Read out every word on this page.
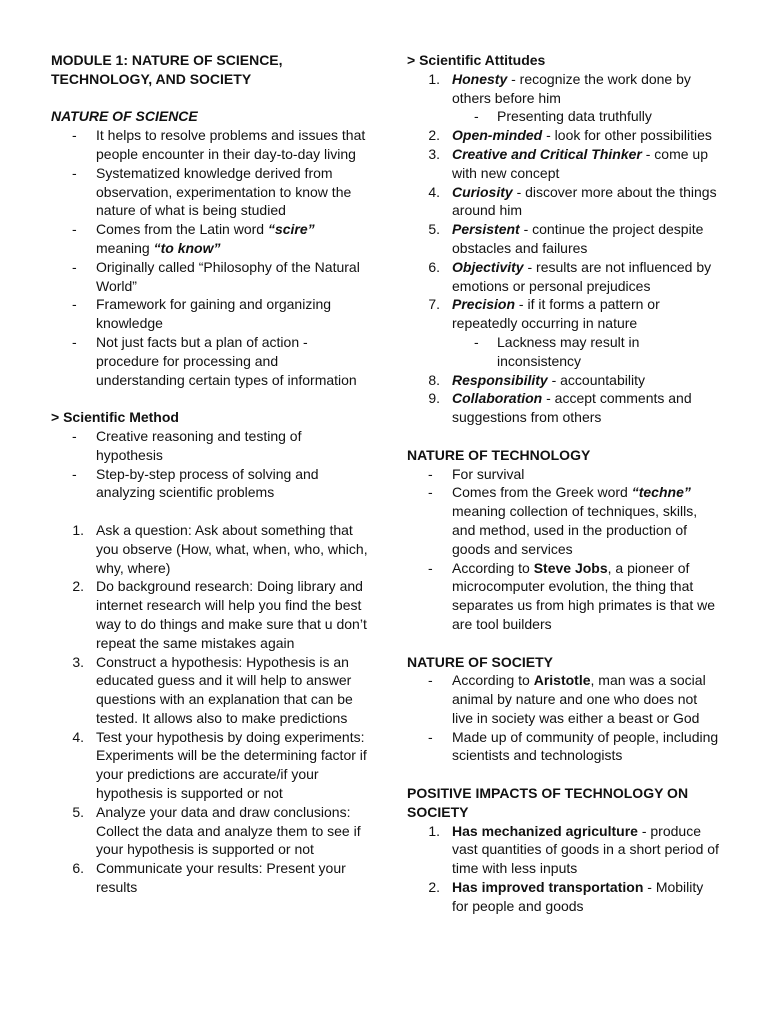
MODULE 1: NATURE OF SCIENCE,
TECHNOLOGY, AND SOCIETY

NATURE OF SCIENCE

- It helps to resolve problems and issues that people encounter in their day-to-day living

- Systematized knowledge derived from observation, experimentation to know the nature of what is being studied

- Comes from the Latin word “scire” meaning “to know”

- Originally called “Philosophy of the Natural World”

- Framework for gaining and organizing knowledge

- Not just facts but a plan of action - procedure for processing and understanding certain types of information

> Scientific Method

- Creative reasoning and testing of hypothesis

- Step-by-step process of solving and analyzing scientific problems

1. Ask a question: Ask about something that you observe (How, what, when, who, which, why, where)

2. Do background research: Doing library and internet research will help you find the best way to do things and make sure that u don’t repeat the same mistakes again

3. Construct a hypothesis: Hypothesis is an educated guess and it will help to answer questions with an explanation that can be tested. It allows also to make predictions

4. Test your hypothesis by doing experiments: Experiments will be the determining factor if your predictions are accurate/if your hypothesis is supported or not

5. Analyze your data and draw conclusions: Collect the data and analyze them to see if your hypothesis is supported or not

6. Communicate your results: Present your results

> Scientific Attitudes

1. Honesty - recognize the work done by others before him

- Presenting data truthfully

2. Open-minded - look for other possibilities

3. Creative and Critical Thinker - come up with new concept

4. Curiosity - discover more about the things around him

5. Persistent - continue the project despite obstacles and failures

6. Objectivity - results are not influenced by emotions or personal prejudices

7. Precision - if it forms a pattern or repeatedly occurring in nature

- Lackness may result in inconsistency

8. Responsibility - accountability

9. Collaboration - accept comments and suggestions from others

NATURE OF TECHNOLOGY

- For survival

- Comes from the Greek word “techne” meaning collection of techniques, skills, and method, used in the production of goods and services

- According to Steve Jobs, a pioneer of microcomputer evolution, the thing that separates us from high primates is that we are tool builders

NATURE OF SOCIETY

- According to Aristotle, man was a social animal by nature and one who does not live in society was either a beast or God

- Made up of community of people, including scientists and technologists

POSITIVE IMPACTS OF TECHNOLOGY ON
SOCIETY

1. Has mechanized agriculture - produce vast quantities of goods in a short period of time with less inputs

2. Has improved transportation - Mobility for people and goods
